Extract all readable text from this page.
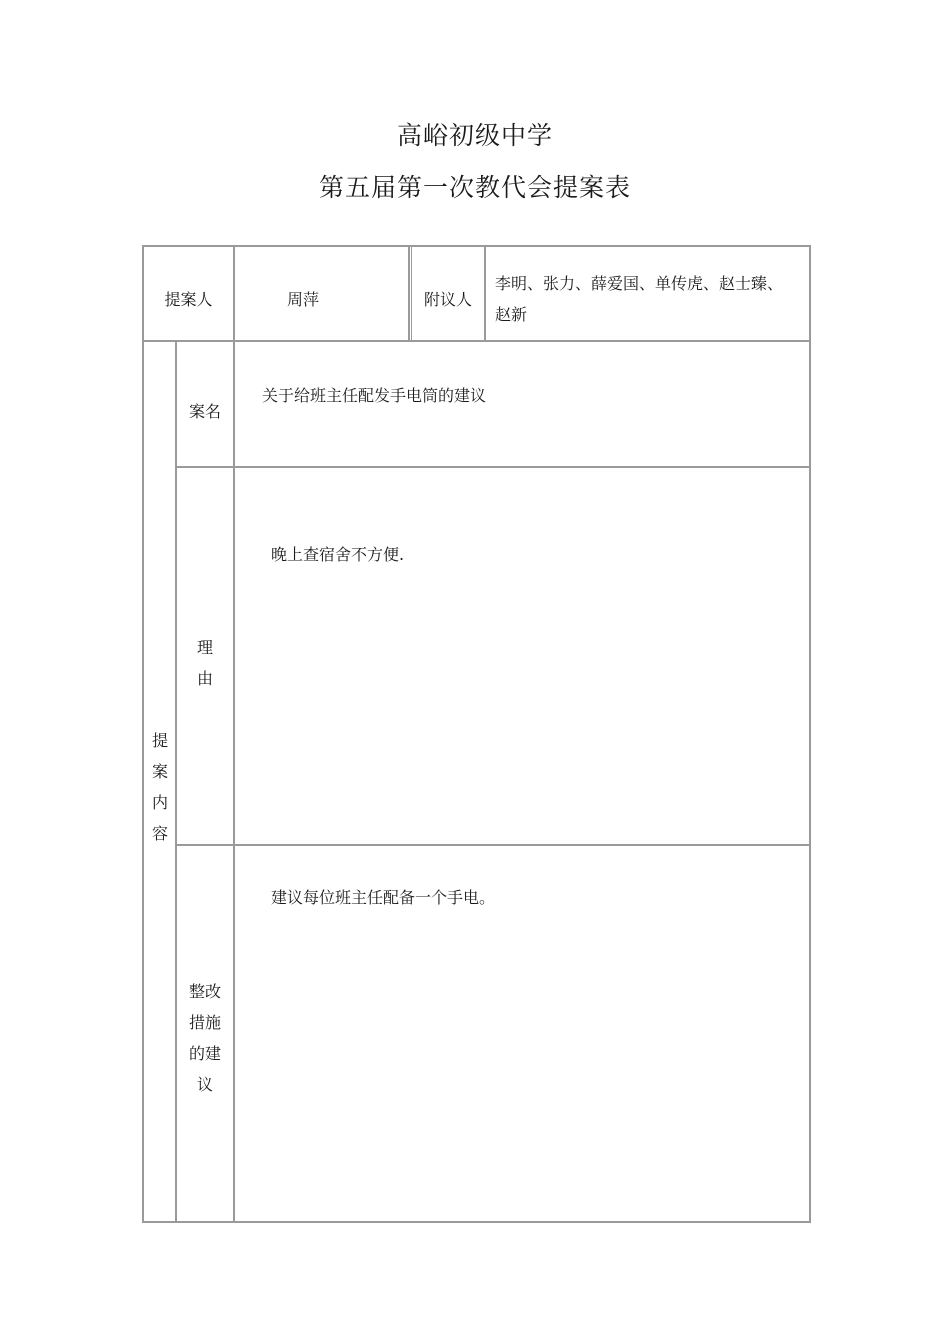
高峪初级中学
第五届第一次教代会提案表
提案人	周萍	附议人
李明、张力、薛爱国、单传虎、赵士臻、赵新
提案内容
案名
关于给班主任配发手电筒的建议
理由
晚上查宿舍不方便.
整改措施的建议
建议每位班主任配备一个手电。
